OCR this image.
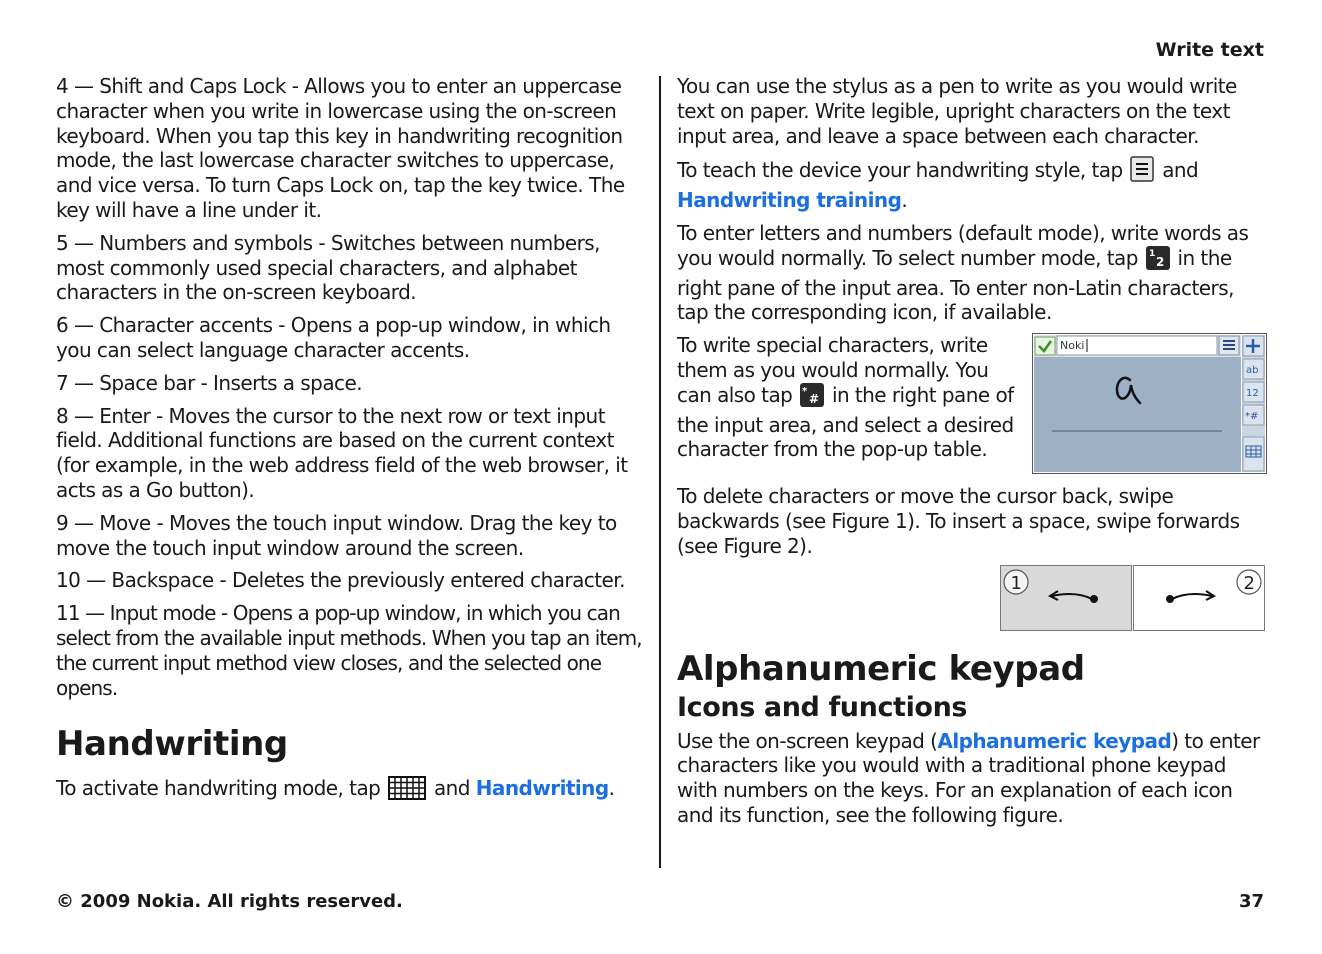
Write text

4 — Shift and Caps Lock - Allows you to enter an uppercase character when you write in lowercase using the on-screen keyboard. When you tap this key in handwriting recognition mode, the last lowercase character switches to uppercase, and vice versa. To turn Caps Lock on, tap the key twice. The key will have a line under it.

5 — Numbers and symbols - Switches between numbers, most commonly used special characters, and alphabet characters in the on-screen keyboard.

6 — Character accents - Opens a pop-up window, in which you can select language character accents.

7 — Space bar - Inserts a space.

8 — Enter - Moves the cursor to the next row or text input field. Additional functions are based on the current context (for example, in the web address field of the web browser, it acts as a Go button).

9 — Move - Moves the touch input window. Drag the key to move the touch input window around the screen.

10 — Backspace - Deletes the previously entered character.

11 — Input mode - Opens a pop-up window, in which you can select from the available input methods. When you tap an item, the current input method view closes, and the selected one opens.

Handwriting

To activate handwriting mode, tap	and Handwriting.

You can use the stylus as a pen to write as you would write text on paper. Write legible, upright characters on the text input area, and leave a space between each character.

To teach the device your handwriting style, tap and Handwriting training.

To enter letters and numbers (default mode), write words as you would normally. To select number mode, tap 1
2 in the right pane of the input area. To enter non-Latin characters, tap the corresponding icon, if available.

Noki
ab
12
*#

To write special characters, write them as you would normally. You can also tap *
# in the right pane of the input area, and select a desired character from the pop-up table.

To delete characters or move the cursor back, swipe backwards (see Figure 1). To insert a space, swipe forwards (see Figure 2).

1	2
Alphanumeric keypad
Icons and functions

Use the on-screen keypad (Alphanumeric keypad) to enter characters like you would with a traditional phone keypad with numbers on the keys. For an explanation of each icon and its function, see the following figure.

© 2009 Nokia. All rights reserved.	37
